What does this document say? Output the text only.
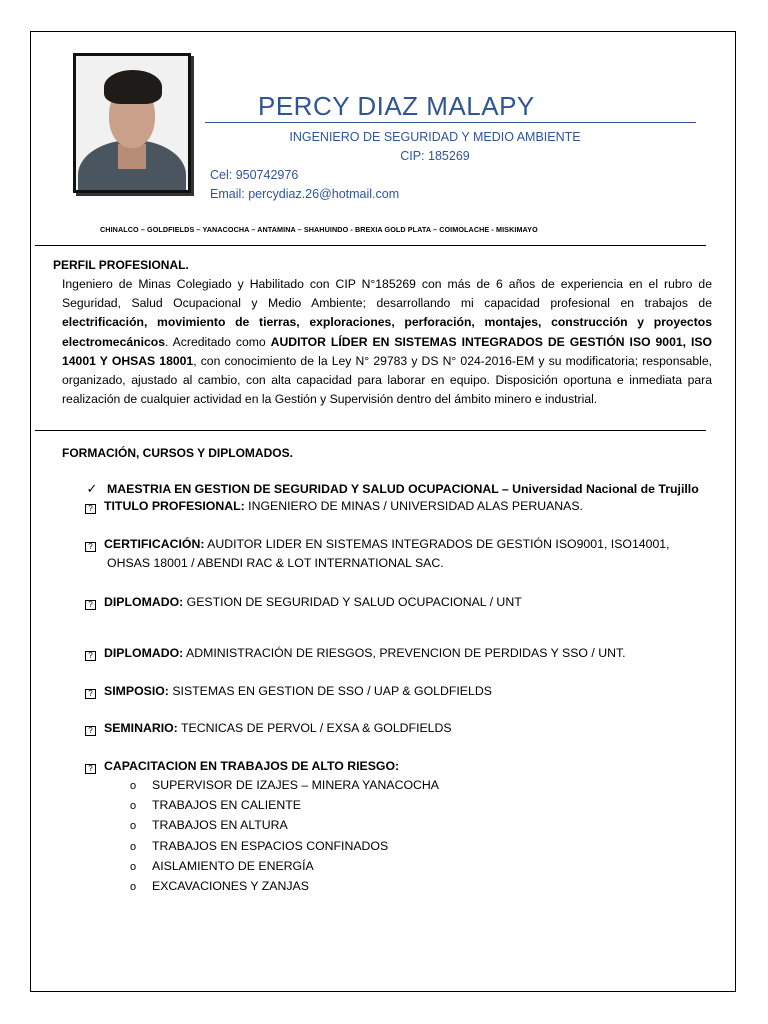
PERCY DIAZ MALAPY
INGENIERO DE SEGURIDAD Y MEDIO AMBIENTE
CIP: 185269
Cel: 950742976
Email: percydiaz.26@hotmail.com
CHINALCO – GOLDFIELDS – YANACOCHA – ANTAMINA – SHAHUINDO - BREXIA GOLD PLATA – COIMOLACHE - MISKIMAYO
PERFIL PROFESIONAL.

Ingeniero de Minas Colegiado y Habilitado con CIP N°185269 con más de 6 años de experiencia en el rubro de Seguridad, Salud Ocupacional y Medio Ambiente; desarrollando mi capacidad profesional en trabajos de electrificación, movimiento de tierras, exploraciones, perforación, montajes, construcción y proyectos electromecánicos. Acreditado como AUDITOR LÍDER EN SISTEMAS INTEGRADOS DE GESTIÓN ISO 9001, ISO 14001 Y OHSAS 18001, con conocimiento de la Ley N° 29783 y DS N° 024-2016-EM y su modificatoria; responsable, organizado, ajustado al cambio, con alta capacidad para laborar en equipo. Disposición oportuna e inmediata para realización de cualquier actividad en la Gestión y Supervisión dentro del ámbito minero e industrial.

FORMACIÓN, CURSOS Y DIPLOMADOS.
✓ MAESTRIA EN GESTION DE SEGURIDAD Y SALUD OCUPACIONAL – Universidad Nacional de Trujillo
? TITULO PROFESIONAL: INGENIERO DE MINAS / UNIVERSIDAD ALAS PERUANAS.
? CERTIFICACIÓN: AUDITOR LIDER EN SISTEMAS INTEGRADOS DE GESTIÓN ISO9001, ISO14001,
OHSAS 18001 / ABENDI RAC & LOT INTERNATIONAL SAC.
? DIPLOMADO: GESTION DE SEGURIDAD Y SALUD OCUPACIONAL / UNT
? DIPLOMADO: ADMINISTRACIÓN DE RIESGOS, PREVENCION DE PERDIDAS Y SSO / UNT.
? SIMPOSIO: SISTEMAS EN GESTION DE SSO / UAP & GOLDFIELDS
? SEMINARIO: TECNICAS DE PERVOL / EXSA & GOLDFIELDS
? CAPACITACION EN TRABAJOS DE ALTO RIESGO:
o SUPERVISOR DE IZAJES – MINERA YANACOCHA
o TRABAJOS EN CALIENTE
o TRABAJOS EN ALTURA
o TRABAJOS EN ESPACIOS CONFINADOS
o AISLAMIENTO DE ENERGÍA
o EXCAVACIONES Y ZANJAS
